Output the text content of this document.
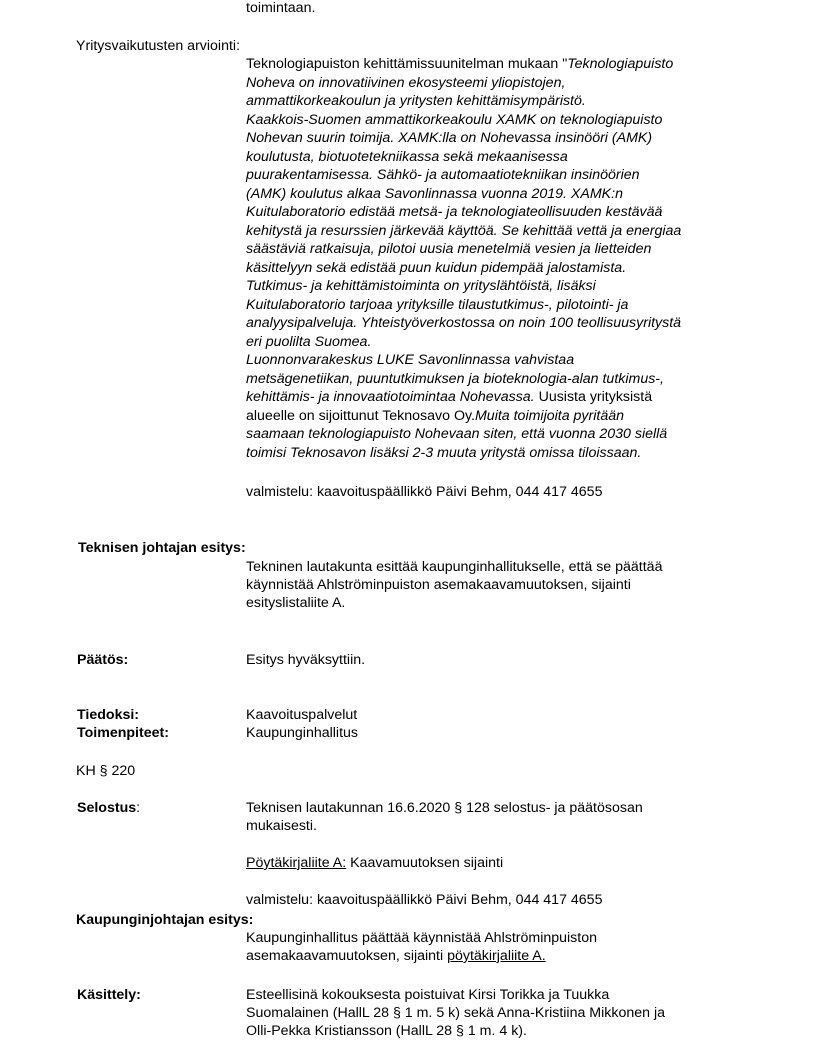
toimintaan.
Yritysvaikutusten arviointi:
Teknologiapuiston kehittämissuunitelman mukaan "Teknologiapuisto
Noheva on innovatiivinen ekosysteemi yliopistojen,
ammattikorkeakoulun ja yritysten kehittämisympäristö.
Kaakkois-Suomen ammattikorkeakoulu XAMK on teknologiapuisto
Nohevan suurin toimija. XAMK:lla on Nohevassa insinööri (AMK)
koulutusta, biotuotetekniikassa sekä mekaanisessa
puurakentamisessa. Sähkö- ja automaatiotekniikan insinöörien
(AMK) koulutus alkaa Savonlinnassa vuonna 2019. XAMK:n
Kuitulaboratorio edistää metsä- ja teknologiateollisuuden kestävää
kehitystä ja resurssien järkevää käyttöä. Se kehittää vettä ja energiaa
säästäviä ratkaisuja, pilotoi uusia menetelmiä vesien ja lietteiden
käsittelyyn sekä edistää puun kuidun pidempää jalostamista.
Tutkimus- ja kehittämistoiminta on yrityslähtöistä, lisäksi
Kuitulaboratorio tarjoaa yrityksille tilaustutkimus-, pilotointi- ja
analyysipalveluja. Yhteistyöverkostossa on noin 100 teollisuusyritystä
eri puolilta Suomea.
Luonnonvarakeskus LUKE Savonlinnassa vahvistaa
metsägenetiikan, puuntutkimuksen ja bioteknologia-alan tutkimus-,
kehittämis- ja innovaatiotoimintaa Nohevassa. Uusista yrityksistä
alueelle on sijoittunut Teknosavo Oy.Muita toimijoita pyritään
saamaan teknologiapuisto Nohevaan siten, että vuonna 2030 siellä
toimisi Teknosavon lisäksi 2-3 muuta yritystä omissa tiloissaan.
valmistelu: kaavoituspäällikkö Päivi Behm, 044 417 4655
Teknisen johtajan esitys:
Tekninen lautakunta esittää kaupunginhallitukselle, että se päättää
käynnistää Ahlströminpuiston asemakaavamuutoksen, sijainti
esityslistaliite A.
Päätös:	Esitys hyväksyttiin.
Tiedoksi:	Kaavoituspalvelut
Toimenpiteet:	Kaupunginhallitus
KH § 220
Selostus:	Teknisen lautakunnan 16.6.2020 § 128 selostus- ja päätösosan
mukaisesti.
Pöytäkirjaliite A: Kaavamuutoksen sijainti
valmistelu: kaavoituspäällikkö Päivi Behm, 044 417 4655
Kaupunginjohtajan esitys:
Kaupunginhallitus päättää käynnistää Ahlströminpuiston
asemakaavamuutoksen, sijainti pöytäkirjaliite A.
Käsittely:	Esteellisinä kokouksesta poistuivat Kirsi Torikka ja Tuukka
Suomalainen (HallL 28 § 1 m. 5 k) sekä Anna-Kristiina Mikkonen ja
Olli-Pekka Kristiansson (HallL 28 § 1 m. 4 k).
